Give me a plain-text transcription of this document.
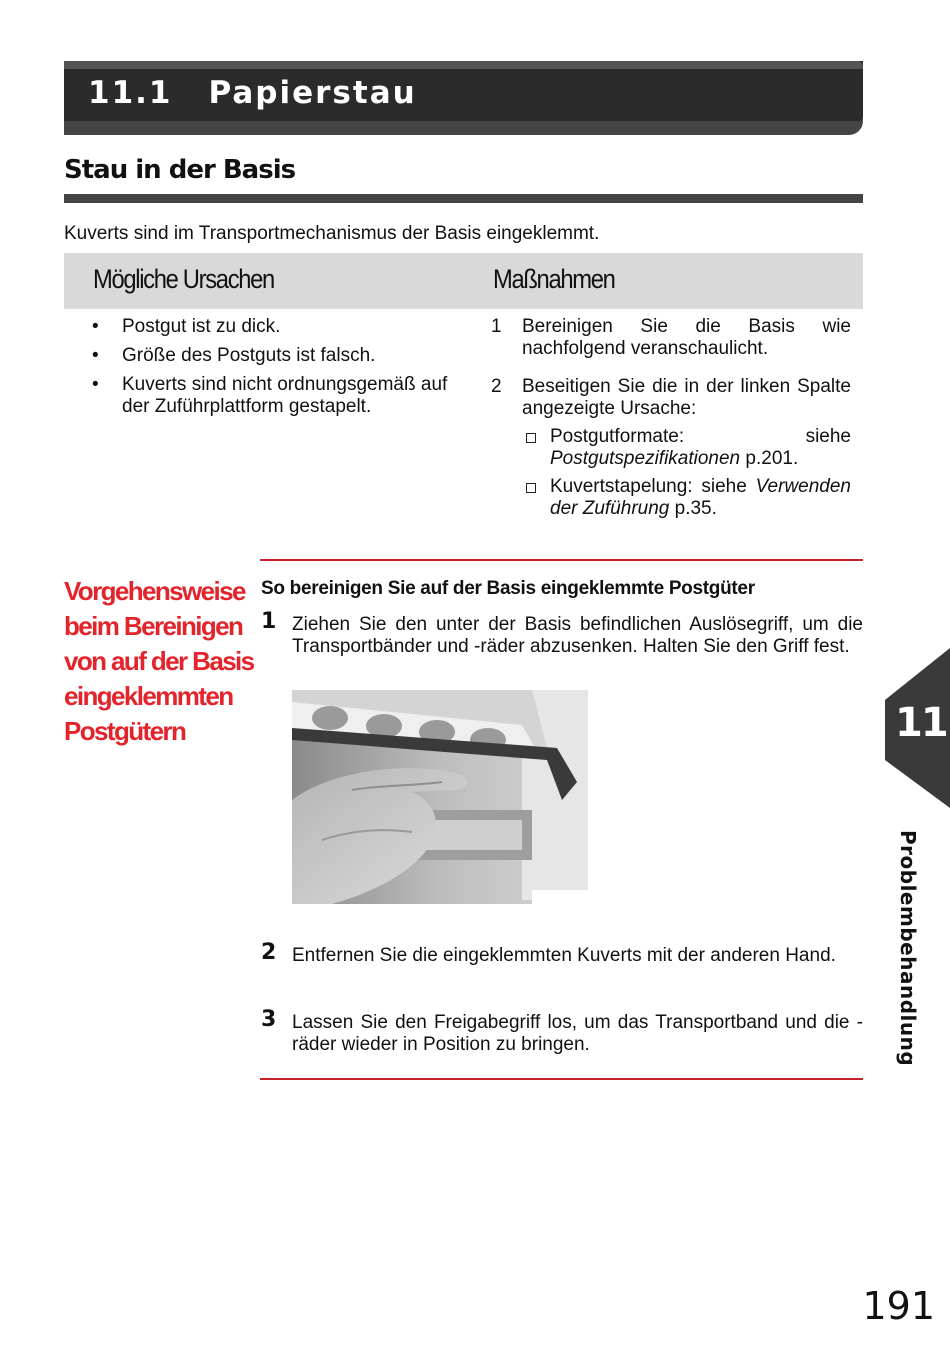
11.1 Papierstau
Stau in der Basis
Kuverts sind im Transportmechanismus der Basis eingeklemmt.
Mögliche Ursachen	Maßnahmen
• Postgut ist zu dick.
• Größe des Postguts ist falsch.
• Kuverts sind nicht ordnungsgemäß auf der Zuführplattform gestapelt.
1 Bereinigen Sie die Basis wie nachfolgend veranschaulicht.
2 Beseitigen Sie die in der linken Spalte angezeigte Ursache:
Postgutformate: siehe Postgutspezifikationen p.201.
Kuvertstapelung: siehe Verwenden der Zuführung p.35.
Vorgehensweise
beim Bereinigen
von auf der Basis
eingeklemmten
Postgütern
So bereinigen Sie auf der Basis eingeklemmte Postgüter
1 Ziehen Sie den unter der Basis befindlichen Auslösegriff, um die Transportbänder und -räder abzusenken. Halten Sie den Griff fest.
2 Entfernen Sie die eingeklemmten Kuverts mit der anderen Hand.
3 Lassen Sie den Freigabegriff los, um das Transportband und die -räder wieder in Position zu bringen.
11
Problembehandlung
191
